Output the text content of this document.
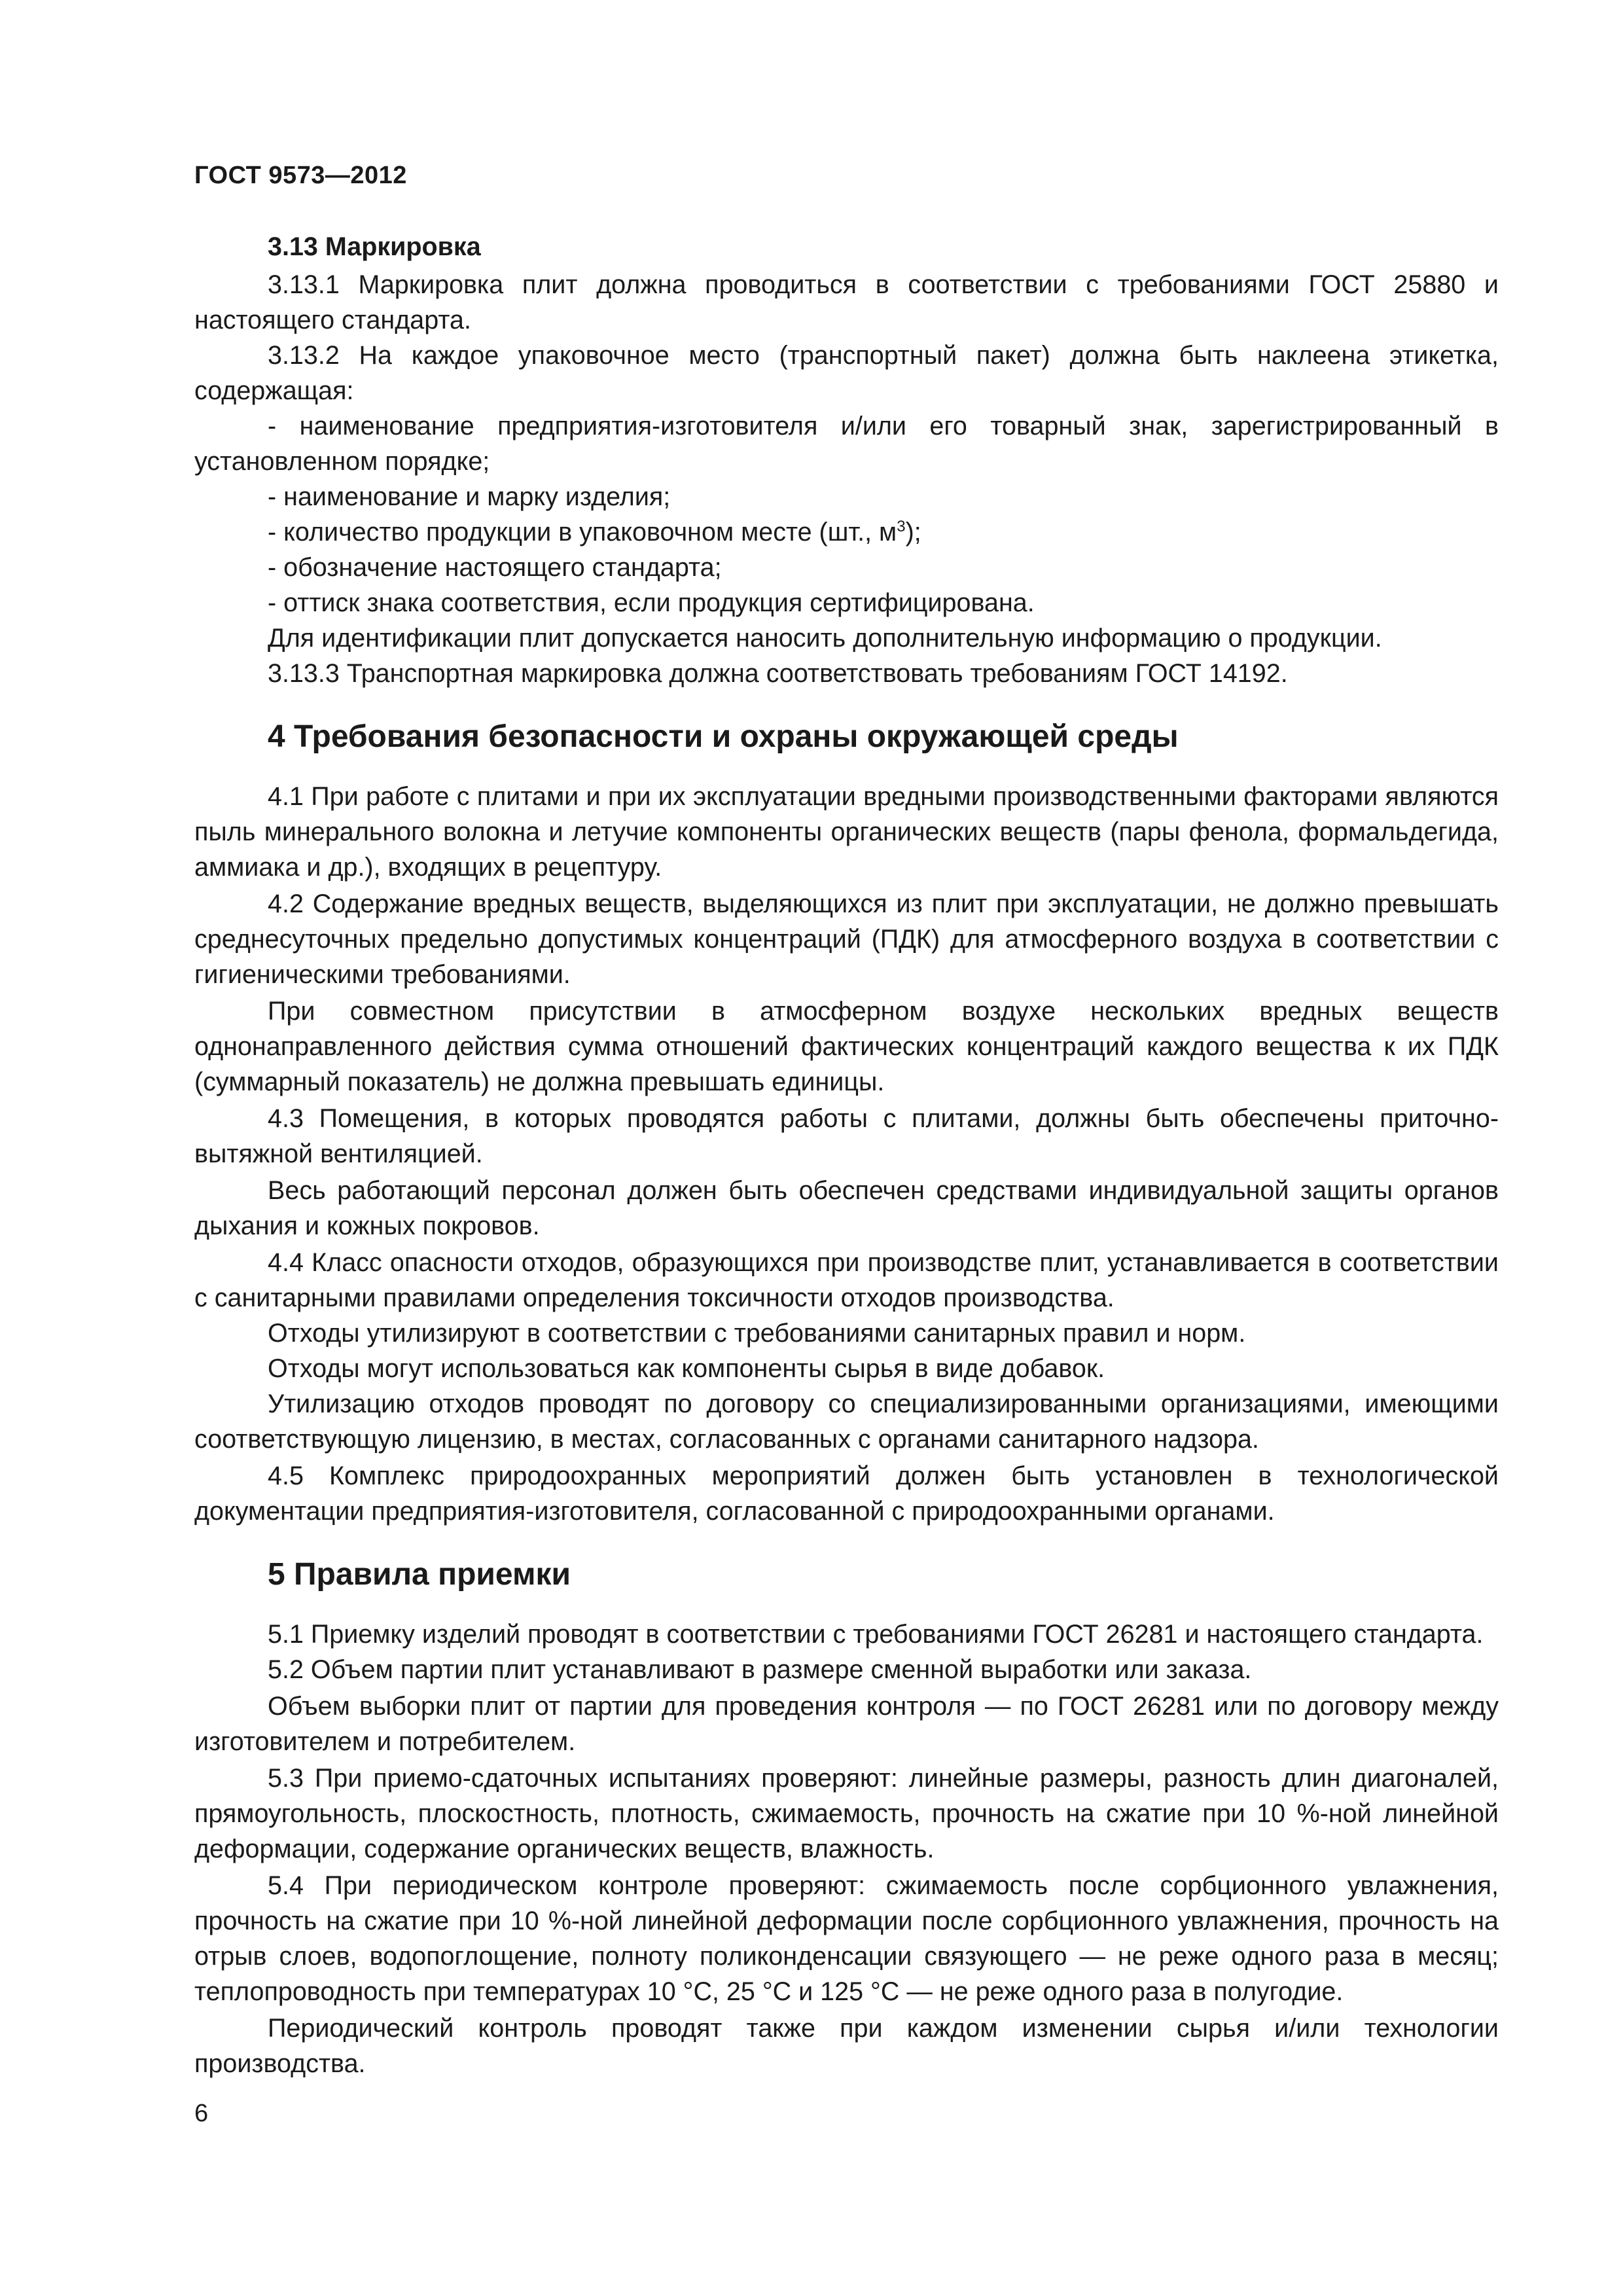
ГОСТ 9573—2012

3.13 Маркировка

3.13.1 Маркировка плит должна проводиться в соответствии с требованиями ГОСТ 25880 и настоящего стандарта.

3.13.2 На каждое упаковочное место (транспортный пакет) должна быть наклеена этикетка, содержащая:

- наименование предприятия-изготовителя и/или его товарный знак, зарегистрированный в установленном порядке;

- наименование и марку изделия;

- количество продукции в упаковочном месте (шт., $м^3$);

- обозначение настоящего стандарта;

- оттиск знака соответствия, если продукция сертифицирована.

Для идентификации плит допускается наносить дополнительную информацию о продукции.

3.13.3 Транспортная маркировка должна соответствовать требованиям ГОСТ 14192.

4 Требования безопасности и охраны окружающей среды

4.1 При работе с плитами и при их эксплуатации вредными производственными факторами являются пыль минерального волокна и летучие компоненты органических веществ (пары фенола, формальдегида, аммиака и др.), входящих в рецептуру.

4.2 Содержание вредных веществ, выделяющихся из плит при эксплуатации, не должно превышать среднесуточных предельно допустимых концентраций (ПДК) для атмосферного воздуха в соответствии с гигиеническими требованиями.

При совместном присутствии в атмосферном воздухе нескольких вредных веществ однонаправленного действия сумма отношений фактических концентраций каждого вещества к их ПДК (суммарный показатель) не должна превышать единицы.

4.3 Помещения, в которых проводятся работы с плитами, должны быть обеспечены приточно-вытяжной вентиляцией.

Весь работающий персонал должен быть обеспечен средствами индивидуальной защиты органов дыхания и кожных покровов.

4.4 Класс опасности отходов, образующихся при производстве плит, устанавливается в соответствии с санитарными правилами определения токсичности отходов производства.

Отходы утилизируют в соответствии с требованиями санитарных правил и норм.

Отходы могут использоваться как компоненты сырья в виде добавок.

Утилизацию отходов проводят по договору со специализированными организациями, имеющими соответствующую лицензию, в местах, согласованных с органами санитарного надзора.

4.5 Комплекс природоохранных мероприятий должен быть установлен в технологической документации предприятия-изготовителя, согласованной с природоохранными органами.

5 Правила приемки

5.1 Приемку изделий проводят в соответствии с требованиями ГОСТ 26281 и настоящего стандарта.

5.2 Объем партии плит устанавливают в размере сменной выработки или заказа.

Объем выборки плит от партии для проведения контроля — по ГОСТ 26281 или по договору между изготовителем и потребителем.

5.3 При приемо-сдаточных испытаниях проверяют: линейные размеры, разность длин диагоналей, прямоугольность, плоскостность, плотность, сжимаемость, прочность на сжатие при 10 %-ной линейной деформации, содержание органических веществ, влажность.

5.4 При периодическом контроле проверяют: сжимаемость после сорбционного увлажнения, прочность на сжатие при 10 %-ной линейной деформации после сорбционного увлажнения, прочность на отрыв слоев, водопоглощение, полноту поликонденсации связующего — не реже одного раза в месяц; теплопроводность при температурах 10 °С, 25 °С и 125 °С — не реже одного раза в полугодие.

Периодический контроль проводят также при каждом изменении сырья и/или технологии производства.

6
